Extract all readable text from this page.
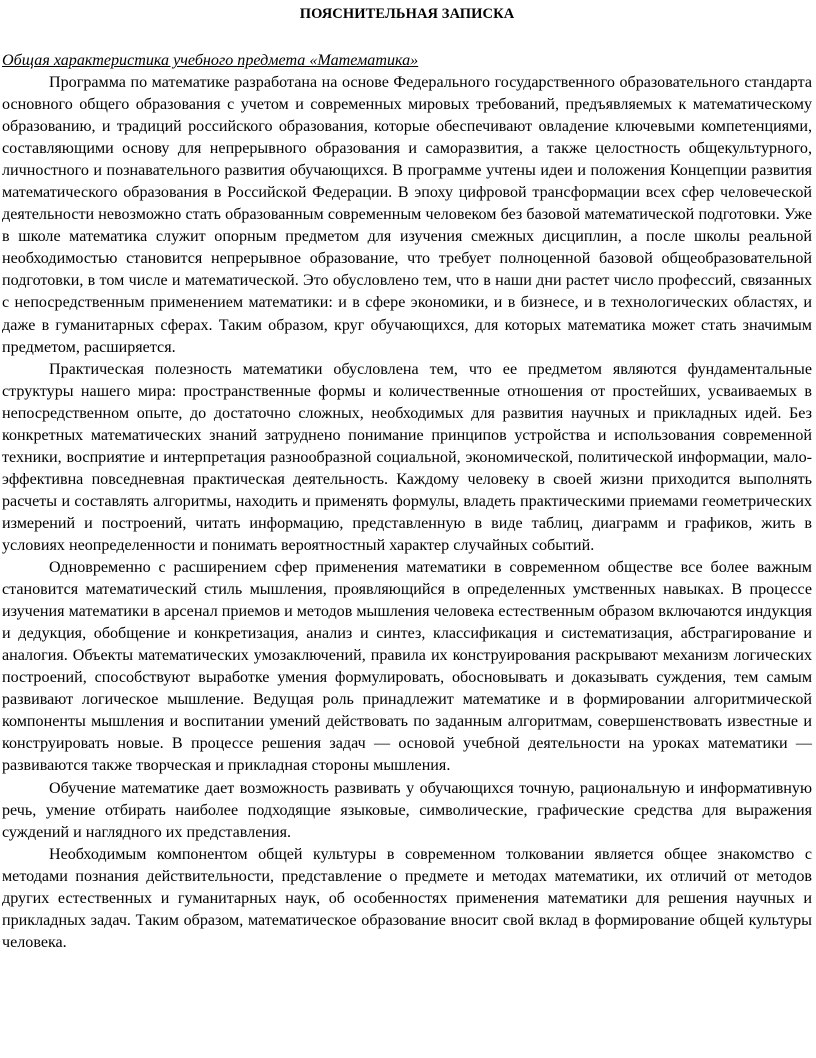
ПОЯСНИТЕЛЬНАЯ ЗАПИСКА
Общая характеристика учебного предмета «Математика»

Программа по математике разработана на основе Федерального государственного образовательного стандарта основного общего образования с учетом и современных мировых требований, предъявляемых к математическому образованию, и традиций российского образования, которые обеспечивают овладение ключевыми компетенциями, составляющими основу для непрерывного образования и саморазвития, а также целостность общекультурного, личностного и познавательного развития обучающихся. В программе учтены идеи и положения Концепции развития математического образования в Российской Федерации. В эпоху цифровой трансформации всех сфер человеческой деятельности невозможно стать образованным современным человеком без базовой математической подготовки. Уже в школе математика служит опорным предметом для изучения смежных дисциплин, а после школы реальной необходимостью становится непрерывное образование, что требует полноценной базовой общеобразовательной подготовки, в том числе и математической. Это обусловлено тем, что в наши дни растет число профессий, связанных с непосредственным применением математики: и в сфере экономики, и в бизнесе, и в технологических областях, и даже в гуманитарных сферах. Таким образом, круг обучающихся, для которых математика может стать значимым предметом, расширяется.

Практическая полезность математики обусловлена тем, что ее предметом являются фундаментальные структуры нашего мира: пространственные формы и количественные отношения от простейших, усваиваемых в непосредственном опыте, до достаточно сложных, необходимых для развития научных и прикладных идей. Без конкретных математических знаний затруднено понимание принципов устройства и использования современной техники, восприятие и интерпретация разнообразной социальной, экономической, политической информации, мало- эффективна повседневная практическая деятельность. Каждому человеку в своей жизни приходится выполнять расчеты и составлять алгоритмы, находить и применять формулы, владеть практическими приемами геометрических измерений и построений, читать информацию, представленную в виде таблиц, диаграмм и графиков, жить в условиях неопределенности и понимать вероятностный характер случайных событий.

Одновременно с расширением сфер применения математики в современном обществе все более важным становится математический стиль мышления, проявляющийся в определенных умственных навыках. В процессе изучения математики в арсенал приемов и методов мышления человека естественным образом включаются индукция и дедукция, обобщение и конкретизация, анализ и синтез, классификация и систематизация, абстрагирование и аналогия. Объекты математических умозаключений, правила их конструирования раскрывают механизм логических построений, способствуют выработке умения формулировать, обосновывать и доказывать суждения, тем самым развивают логическое мышление. Ведущая роль принадлежит математике и в формировании алгоритмической компоненты мышления и воспитании умений действовать по заданным алгоритмам, совершенствовать известные и конструировать новые. В процессе решения задач — основой учебной деятельности на уроках математики — развиваются также творческая и прикладная стороны мышления.

Обучение математике дает возможность развивать у обучающихся точную, рациональную и информативную речь, умение отбирать наиболее подходящие языковые, символические, графические средства для выражения суждений и наглядного их представления.

Необходимым компонентом общей культуры в современном толковании является общее знакомство с методами познания действительности, представление о предмете и методах математики, их отличий от методов других естественных и гуманитарных наук, об особенностях применения математики для решения научных и прикладных задач. Таким образом, математическое образование вносит свой вклад в формирование общей культуры человека.
